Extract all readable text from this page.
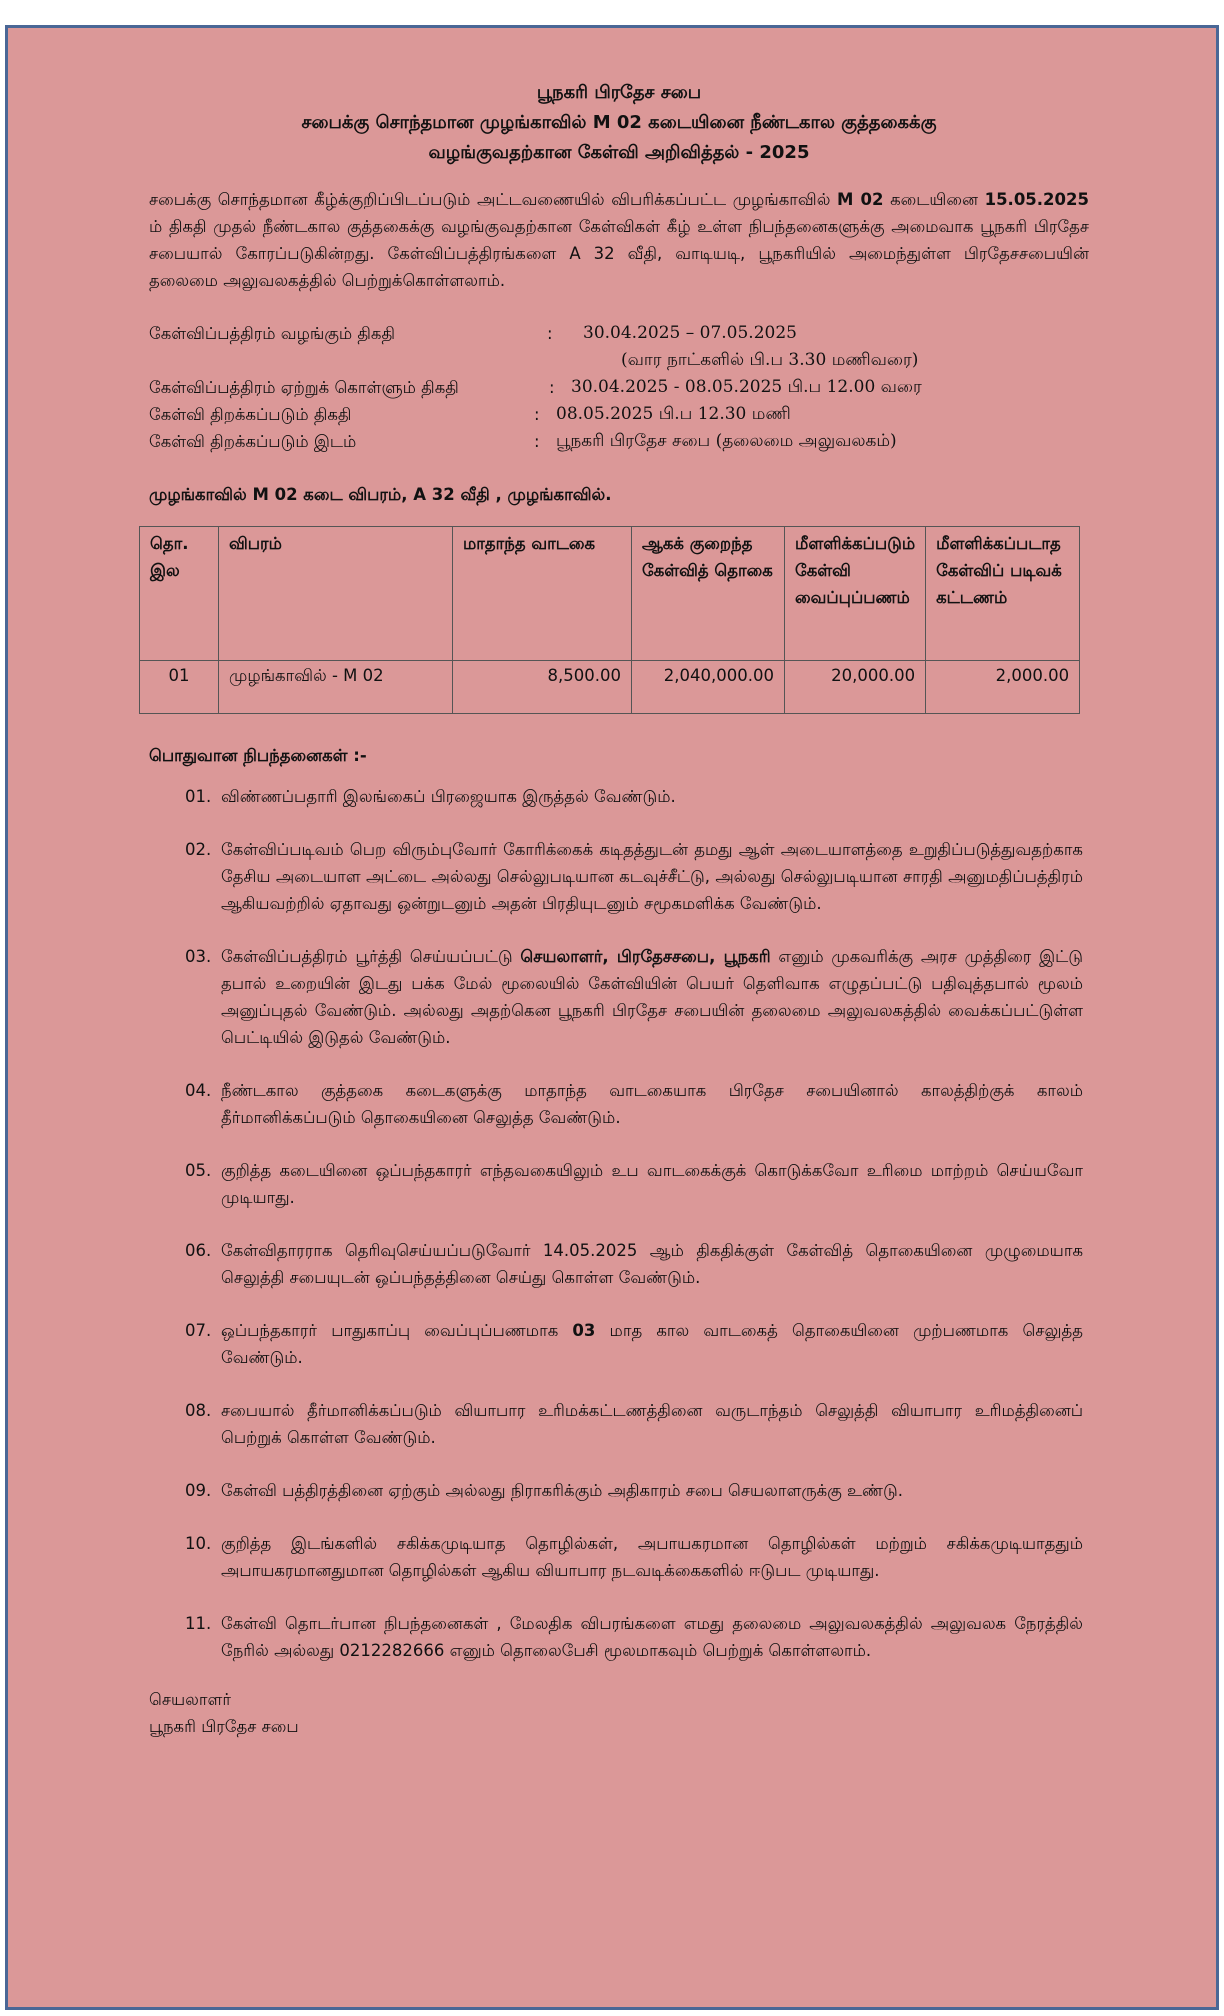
பூநகரி பிரதேச சபை
சபைக்கு சொந்தமான முழங்காவில் M 02 கடையினை நீண்டகால குத்தகைக்கு
வழங்குவதற்கான கேள்வி அறிவித்தல் - 2025
சபைக்கு சொந்தமான கீழ்க்குறிப்பிடப்படும் அட்டவணையில் விபரிக்கப்பட்ட முழங்காவில் M 02 கடையினை 15.05.2025 ம் திகதி முதல் நீண்டகால குத்தகைக்கு வழங்குவதற்கான கேள்விகள் கீழ் உள்ள நிபந்தனைகளுக்கு அமைவாக பூநகரி பிரதேச சபையால் கோரப்படுகின்றது. கேள்விப்பத்திரங்களை A 32 வீதி, வாடியடி, பூநகரியில் அமைந்துள்ள பிரதேசசபையின் தலைமை அலுவலகத்தில் பெற்றுக்கொள்ளலாம்.
கேள்விப்பத்திரம் வழங்கும் திகதி	:	30.04.2025 – 07.05.2025
(வார நாட்களில் பி.ப 3.30 மணிவரை)
கேள்விப்பத்திரம் ஏற்றுக் கொள்ளும் திகதி	: 30.04.2025 - 08.05.2025 பி.ப 12.00 வரை
கேள்வி திறக்கப்படும் திகதி	: 08.05.2025 பி.ப 12.30 மணி
கேள்வி திறக்கப்படும் இடம்	: பூநகரி பிரதேச சபை (தலைமை அலுவலகம்)
முழங்காவில் M 02 கடை விபரம், A 32 வீதி , முழங்காவில்.
தொ. இல	விபரம்	மாதாந்த வாடகை	ஆகக் குறைந்த கேள்வித் தொகை	மீளளிக்கப்படும் கேள்வி வைப்புப்பணம்	மீளளிக்கப்படாத கேள்விப் படிவக் கட்டணம்
01	முழங்காவில் - M 02	8,500.00	2,040,000.00	20,000.00	2,000.00
பொதுவான நிபந்தனைகள் :-
01. விண்ணப்பதாரி இலங்கைப் பிரஜையாக இருத்தல் வேண்டும்.
02. கேள்விப்படிவம் பெற விரும்புவோர் கோரிக்கைக் கடிதத்துடன் தமது ஆள் அடையாளத்தை உறுதிப்படுத்துவதற்காக தேசிய அடையாள அட்டை அல்லது செல்லுபடியான கடவுச்சீட்டு, அல்லது செல்லுபடியான சாரதி அனுமதிப்பத்திரம் ஆகியவற்றில் ஏதாவது ஒன்றுடனும் அதன் பிரதியுடனும் சமூகமளிக்க வேண்டும்.
03. கேள்விப்பத்திரம் பூர்த்தி செய்யப்பட்டு செயலாளர், பிரதேசசபை, பூநகரி எனும் முகவரிக்கு அரச முத்திரை இட்டு தபால் உறையின் இடது பக்க மேல் மூலையில் கேள்வியின் பெயர் தெளிவாக எழுதப்பட்டு பதிவுத்தபால் மூலம் அனுப்புதல் வேண்டும். அல்லது அதற்கென பூநகரி பிரதேச சபையின் தலைமை அலுவலகத்தில் வைக்கப்பட்டுள்ள பெட்டியில் இடுதல் வேண்டும்.
04. நீண்டகால குத்தகை கடைகளுக்கு மாதாந்த வாடகையாக பிரதேச சபையினால் காலத்திற்குக் காலம் தீர்மானிக்கப்படும் தொகையினை செலுத்த வேண்டும்.
05. குறித்த கடையினை ஒப்பந்தகாரர் எந்தவகையிலும் உப வாடகைக்குக் கொடுக்கவோ உரிமை மாற்றம் செய்யவோ முடியாது.
06. கேள்விதாரராக தெரிவுசெய்யப்படுவோர் 14.05.2025 ஆம் திகதிக்குள் கேள்வித் தொகையினை முழுமையாக செலுத்தி சபையுடன் ஒப்பந்தத்தினை செய்து கொள்ள வேண்டும்.
07. ஒப்பந்தகாரர் பாதுகாப்பு வைப்புப்பணமாக 03 மாத கால வாடகைத் தொகையினை முற்பணமாக செலுத்த வேண்டும்.
08. சபையால் தீர்மானிக்கப்படும் வியாபார உரிமக்கட்டணத்தினை வருடாந்தம் செலுத்தி வியாபார உரிமத்தினைப் பெற்றுக் கொள்ள வேண்டும்.
09. கேள்வி பத்திரத்தினை ஏற்கும் அல்லது நிராகரிக்கும் அதிகாரம் சபை செயலாளருக்கு உண்டு.
10. குறித்த இடங்களில் சகிக்கமுடியாத தொழில்கள், அபாயகரமான தொழில்கள் மற்றும் சகிக்கமுடியாததும் அபாயகரமானதுமான தொழில்கள் ஆகிய வியாபார நடவடிக்கைகளில் ஈடுபட முடியாது.
11. கேள்வி தொடர்பான நிபந்தனைகள் , மேலதிக விபரங்களை எமது தலைமை அலுவலகத்தில் அலுவலக நேரத்தில் நேரில் அல்லது 0212282666 எனும் தொலைபேசி மூலமாகவும் பெற்றுக் கொள்ளலாம்.
செயலாளர்
பூநகரி பிரதேச சபை
